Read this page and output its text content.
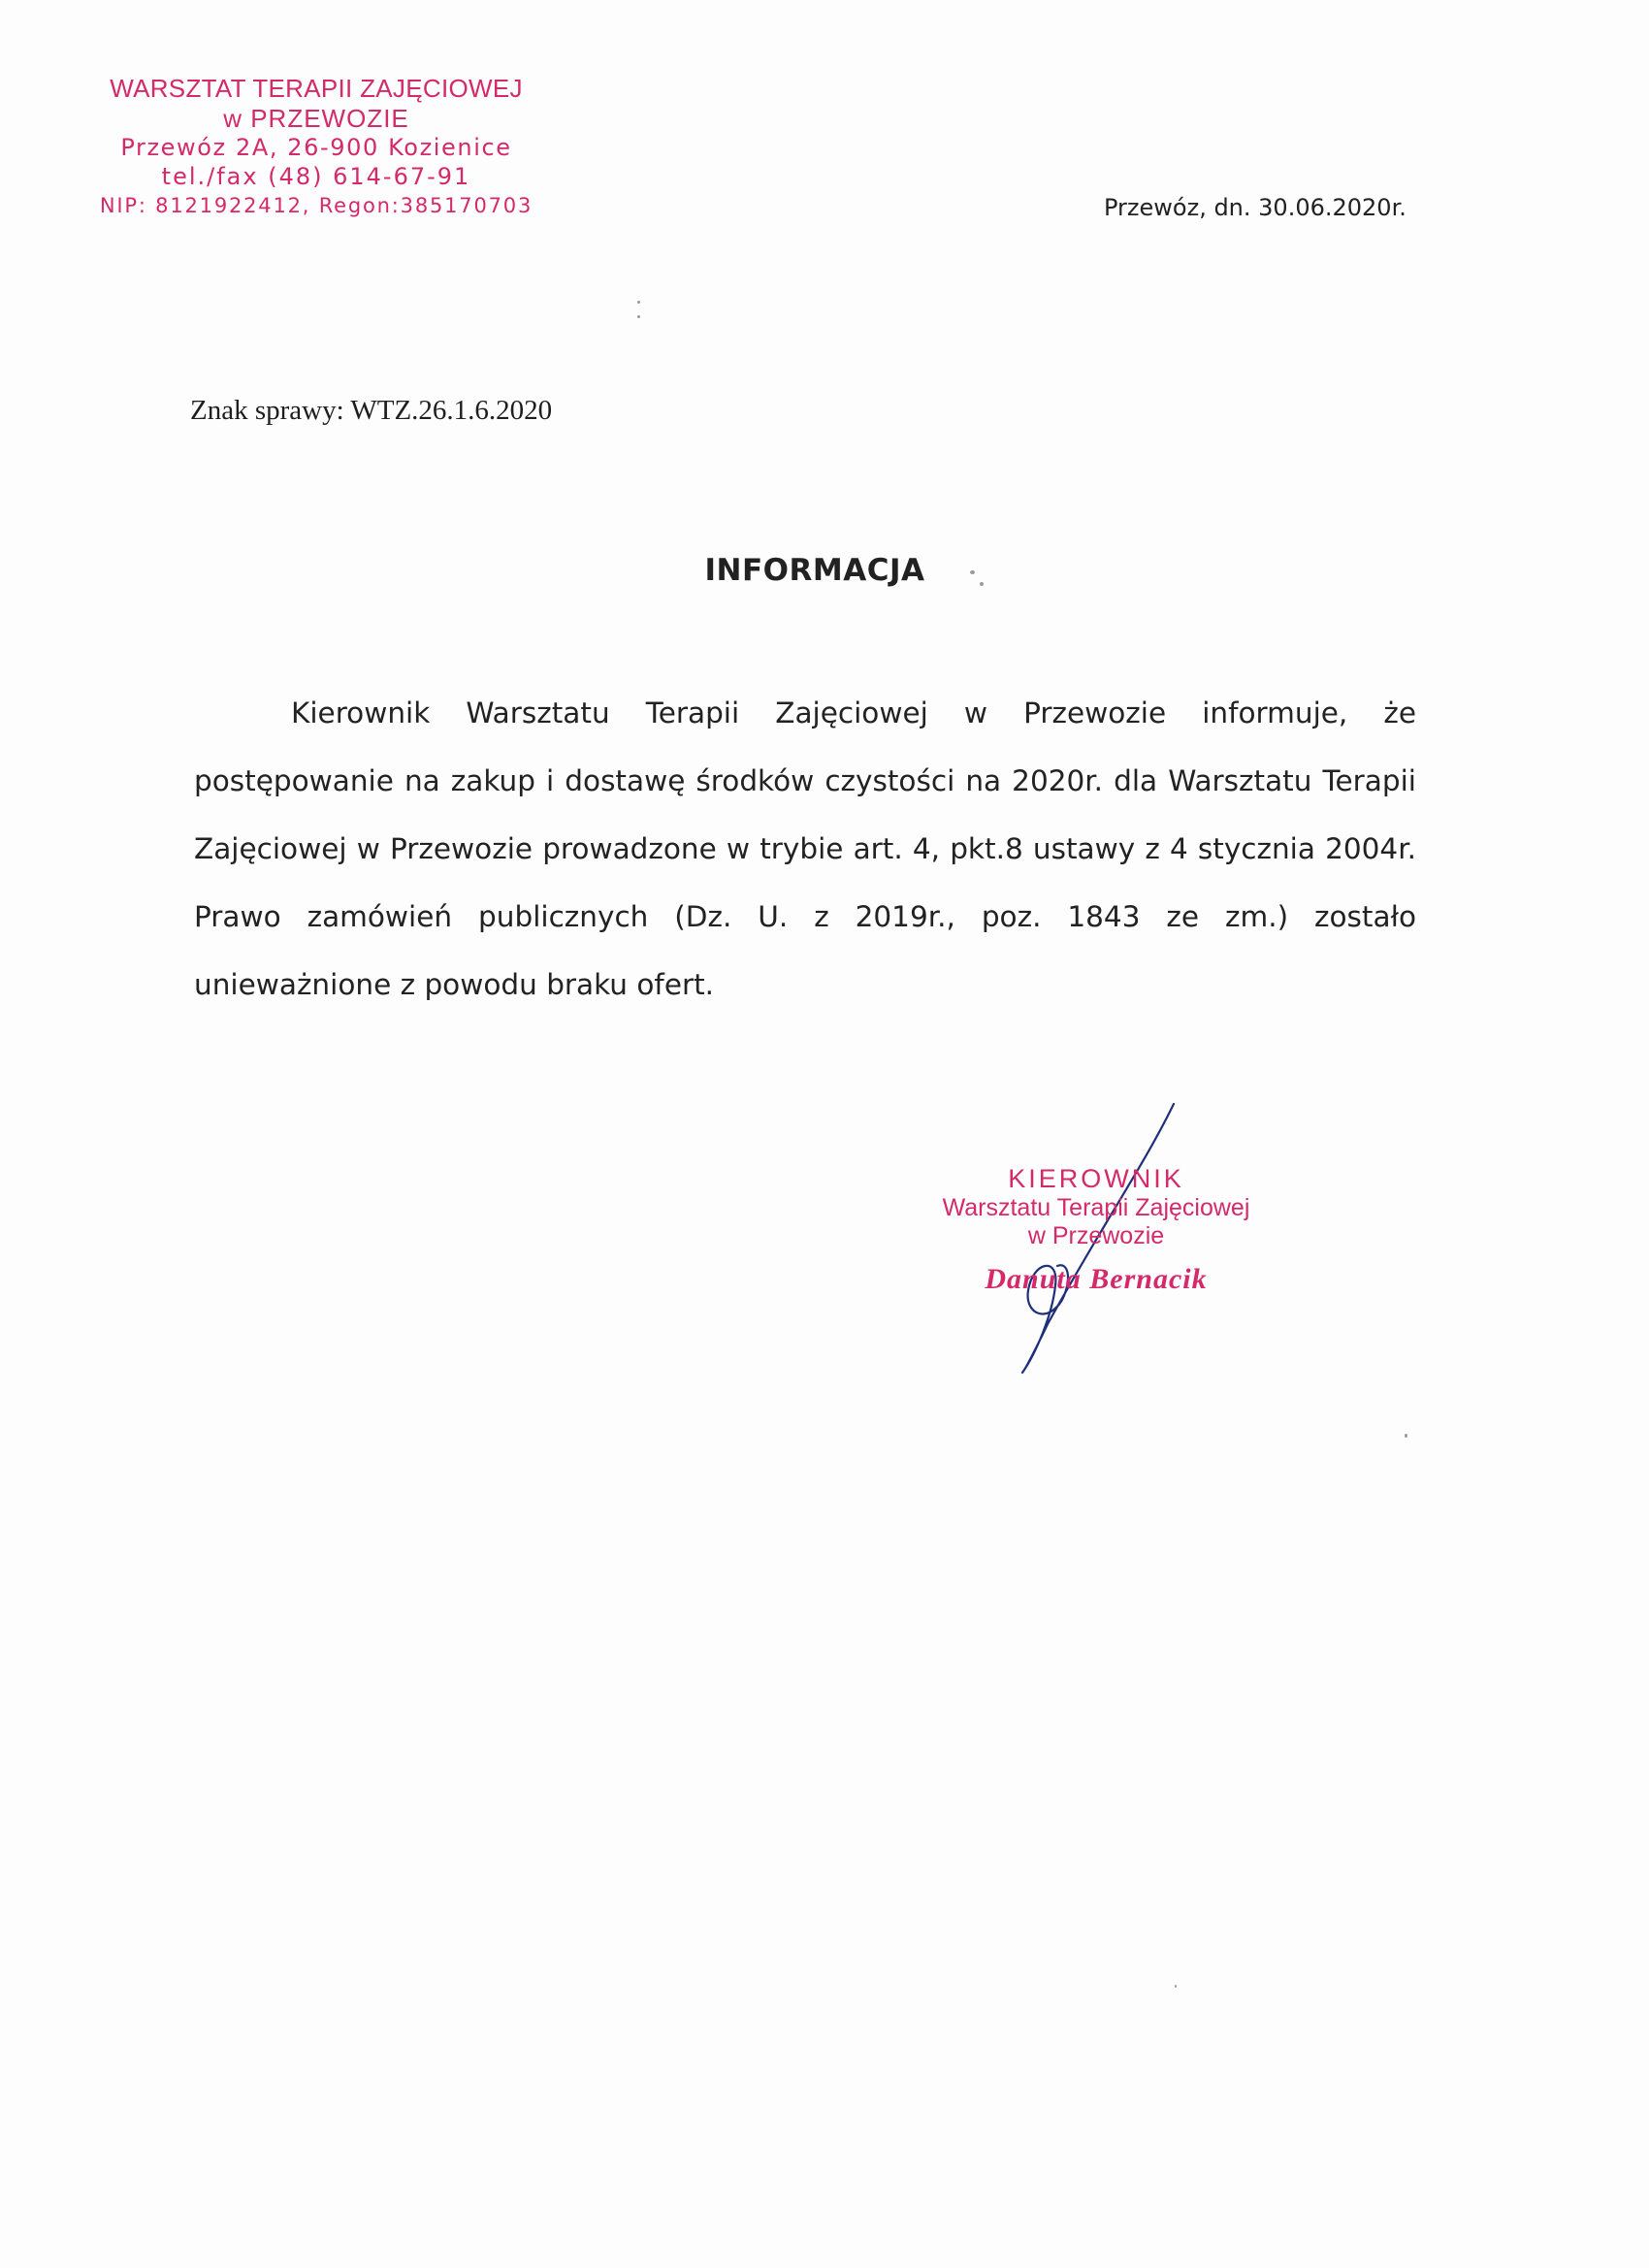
WARSZTAT TERAPII ZAJĘCIOWEJ
w PRZEWOZIE
Przewóz 2A, 26-900 Kozienice
tel./fax (48) 614-67-91
NIP: 8121922412, Regon:385170703	Przewóz, dn. 30.06.2020r.
Znak sprawy: WTZ.26.1.6.2020
INFORMACJA
Kierownik Warsztatu Terapii Zajęciowej w Przewozie informuje, że postępowanie na zakup i dostawę środków czystości na 2020r. dla Warsztatu Terapii Zajęciowej w Przewozie prowadzone w trybie art. 4, pkt.8 ustawy z 4 stycznia 2004r. Prawo zamówień publicznych (Dz. U. z 2019r., poz. 1843 ze zm.) zostało unieważnione z powodu braku ofert.
KIEROWNIK
Warsztatu Terapii Zajęciowej
w Przewozie
Danuta Bernacik
